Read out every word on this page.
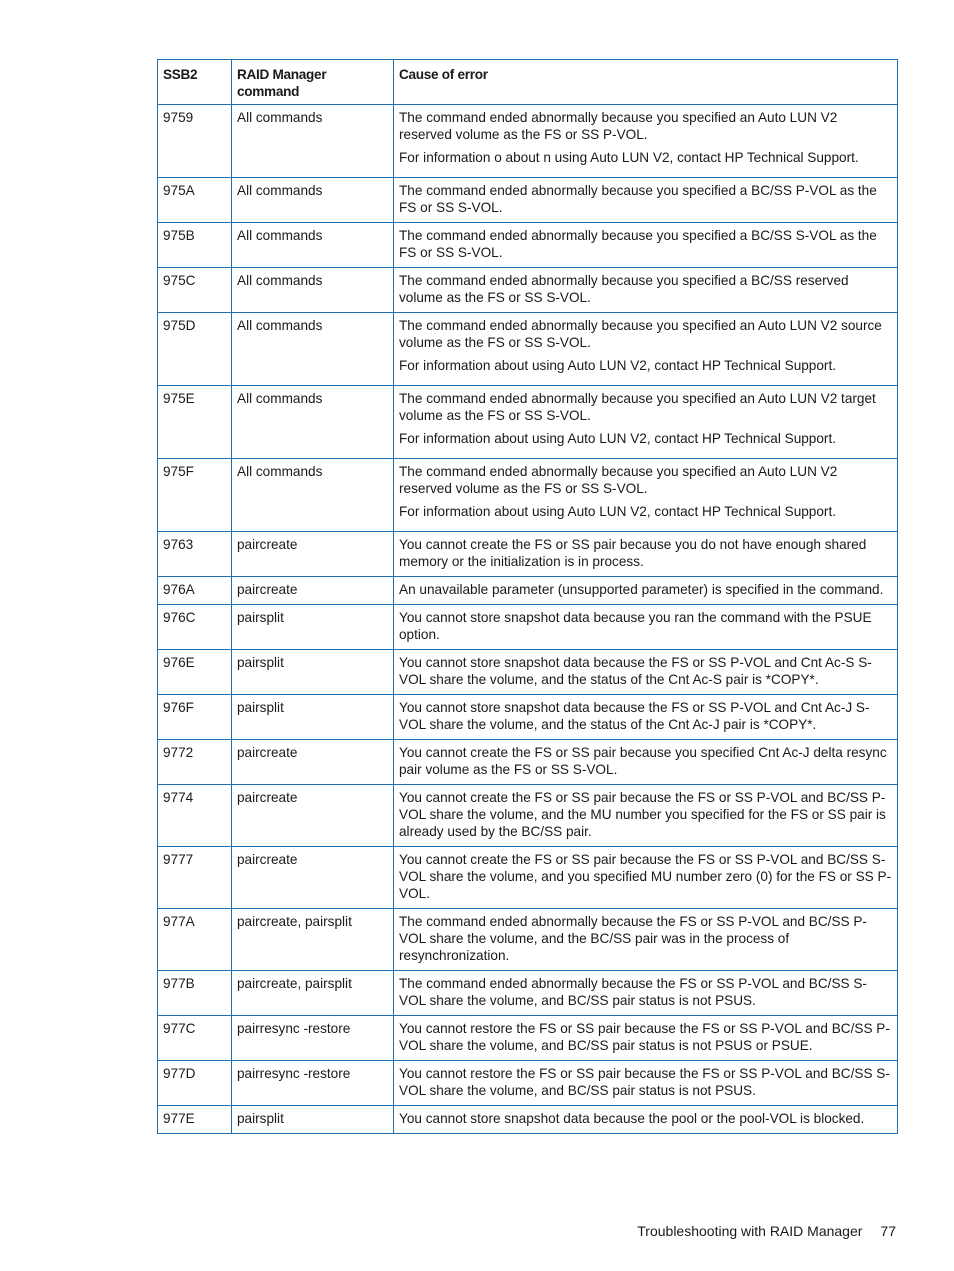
SSB2	RAID Manager command	Cause of error
9759	All commands	The command ended abnormally because you specified an Auto LUN V2 reserved volume as the FS or SS P-VOL.

For information o about n using Auto LUN V2, contact HP Technical Support.

975A	All commands	The command ended abnormally because you specified a BC/SS P-VOL as the FS or SS S-VOL.

975B	All commands	The command ended abnormally because you specified a BC/SS S-VOL as the FS or SS S-VOL.

975C	All commands	The command ended abnormally because you specified a BC/SS reserved volume as the FS or SS S-VOL.

975D	All commands	The command ended abnormally because you specified an Auto LUN V2 source volume as the FS or SS S-VOL.

For information about using Auto LUN V2, contact HP Technical Support.

975E	All commands	The command ended abnormally because you specified an Auto LUN V2 target volume as the FS or SS S-VOL.

For information about using Auto LUN V2, contact HP Technical Support.

975F	All commands	The command ended abnormally because you specified an Auto LUN V2 reserved volume as the FS or SS S-VOL.

For information about using Auto LUN V2, contact HP Technical Support.

9763	paircreate	You cannot create the FS or SS pair because you do not have enough shared memory or the initialization is in process.

976A	paircreate	An unavailable parameter (unsupported parameter) is specified in the command.

976C	pairsplit	You cannot store snapshot data because you ran the command with the PSUE option.

976E	pairsplit	You cannot store snapshot data because the FS or SS P-VOL and Cnt Ac-S S-VOL share the volume, and the status of the Cnt Ac-S pair is *COPY*.

976F	pairsplit	You cannot store snapshot data because the FS or SS P-VOL and Cnt Ac-J S-VOL share the volume, and the status of the Cnt Ac-J pair is *COPY*.

9772	paircreate	You cannot create the FS or SS pair because you specified Cnt Ac-J delta resync pair volume as the FS or SS S-VOL.

9774	paircreate	You cannot create the FS or SS pair because the FS or SS P-VOL and BC/SS P-VOL share the volume, and the MU number you specified for the FS or SS pair is already used by the BC/SS pair.

9777	paircreate	You cannot create the FS or SS pair because the FS or SS P-VOL and BC/SS S-VOL share the volume, and you specified MU number zero (0) for the FS or SS P-VOL.

977A	paircreate, pairsplit	The command ended abnormally because the FS or SS P-VOL and BC/SS P-VOL share the volume, and the BC/SS pair was in the process of resynchronization.

977B	paircreate, pairsplit	The command ended abnormally because the FS or SS P-VOL and BC/SS S-VOL share the volume, and BC/SS pair status is not PSUS.

977C	pairresync -restore	You cannot restore the FS or SS pair because the FS or SS P-VOL and BC/SS P-VOL share the volume, and BC/SS pair status is not PSUS or PSUE.

977D	pairresync -restore	You cannot restore the FS or SS pair because the FS or SS P-VOL and BC/SS S-VOL share the volume, and BC/SS pair status is not PSUS.

977E	pairsplit	You cannot store snapshot data because the pool or the pool-VOL is blocked.

Troubleshooting with RAID Manager 77
